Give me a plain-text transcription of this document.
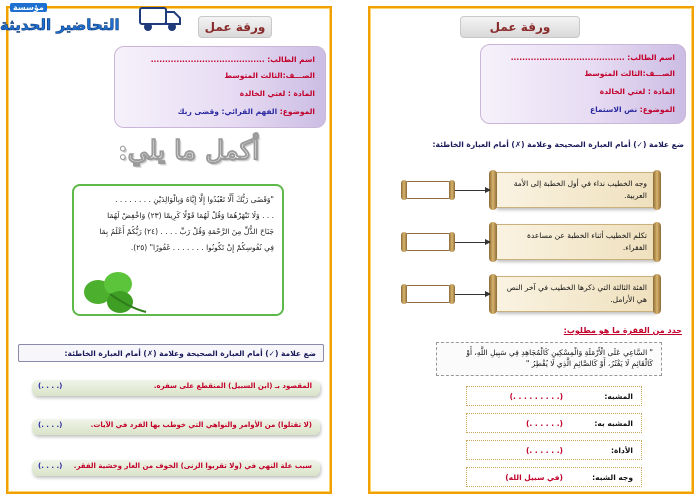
ورقة عمل
اسم الطالب: ........................................
الصـــف:الثالث المتوسط
المادة : لغتي الخالدة
الموضوع: الفهم القرائي: وقضى ربك
أكمل ما يلي:
"وَقَضَى رَبُّكَ أَلَّا تَعْبُدُوا إِلَّا إِيَّاهُ وَبِالْوَالِدَيْنِ . . . . . . . .
. . . وَلَا تَنْهَرْهُمَا وَقُلْ لَهُمَا قَوْلًا كَرِيمًا (٢٣) وَاخْفِضْ لَهُمَا
جَنَاحَ الذُّلِّ مِنَ الرَّحْمَةِ وَقُلْ رَبِّ . . . . (٢٤) رَبُّكُمْ أَعْلَمُ بِمَا
فِي نُفُوسِكُمْ إِنْ تَكُونُوا . . . . . . . غَفُورًا" (٢٥).
ضع علامة (✓) أمام العبارة الصحيحة وعلامة (✗) أمام العبارة الخاطئة:
المقصود بـ (ابن السبيل) المنقطع على سفره.
(. . . .)
(لا تقتلوا) من الأوامر والنواهي التي خوطب بها الفرد في الآيات.
(. . . .)
سبب علة النهي في (ولا تقربوا الزنى) الخوف من العار وخشية الفقر.
(. . . .)
مؤسسة
التحاضير الحديثة	ورقة عمل
اسم الطالب: ........................................
الصـــف:الثالث المتوسط
المادة : لغتي الخالدة
الموضوع: نص الاستماع
ضع علامة (✓) أمام العبارة الصحيحة وعلامة (✗) أمام العبارة الخاطئة:
وجه الخطيب نداء في أول الخطبة إلى الأمة العربية.
تكلم الخطيب أثناء الخطبة عن مساعدة الفقراء.
الفئة الثالثة التي ذكرها الخطيب في آخر النص هي الأرامل.
حدد من الفقرة ما هو مطلوب:
" السَّاعِي عَلَى الْأَرْمَلَةِ وَالْمِسْكِينِ كَالْمُجَاهِدِ فِي سَبِيلِ اللَّهِ، أَوْ كَالْقَائِمِ لَا يَفْتُرُ، أَوْ كَالصَّائِمِ الَّذِي لَا يُفْطِرُ "
المشبه:
(. . . . . . . . .)
المشبه به:
(. . . . . .)
الأداة:
(. . . . . .)
وجه الشبه:
(في سبيل الله)
